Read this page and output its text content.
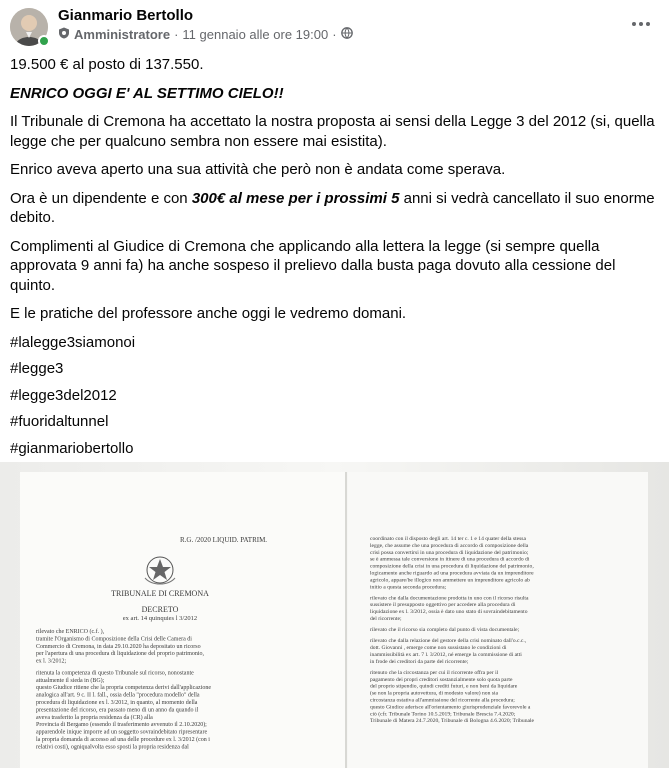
Gianmario Bertollo
Amministratore · 11 gennaio alle ore 19:00 ·

19.500 € al posto di 137.550.

ENRICO OGGI E' AL SETTIMO CIELO!!

Il Tribunale di Cremona ha accettato la nostra proposta ai sensi della Legge 3 del 2012 (si, quella legge che per qualcuno sembra non essere mai esistita).

Enrico aveva aperto una sua attività che però non è andata come sperava.

Ora è un dipendente e con 300€ al mese per i prossimi 5 anni si vedrà cancellato il suo enorme debito.

Complimenti al Giudice di Cremona che applicando alla lettera la legge (si sempre quella approvata 9 anni fa) ha anche sospeso il prelievo dalla busta paga dovuto alla cessione del quinto.

E le pratiche del professore anche oggi le vedremo domani.

#lalegge3siamonoi
#legge3
#legge3del2012
#fuoridaltunnel
#gianmariobertollo
R.G. /2020 LIQUID. PATRIM.
TRIBUNALE DI CREMONA
DECRETO
ex art. 14 quinquies l 3/2012
rilevato che ENRICO (c.f. ),
tramite l'Organismo di Composizione della Crisi delle Camera di
Commercio di Cremona, in data 29.10.2020 ha depositato un ricorso
per l'apertura di una procedura di liquidazione del proprio patrimonio,
ex l. 3/2012;
ritenuta la competenza di questo Tribunale sul ricorso, nonostante
attualmente il sieda in (BG);
questo Giudice ritiene che la propria competenza derivi dall'applicazione
analogica all'art. 9 c. II l. fall., ossia della "procedura modello" della
procedura di liquidazione ex l. 3/2012, in quanto, al momento della
presentazione del ricorso, era passato meno di un anno da quando il
aveva trasferito la propria residenza da (CR) alla
Provincia di Bergamo (essendo il trasferimento avvenuto il 2.10.2020);
apparendole inique imporre ad un soggetto sovraindebitato ripresentare
la propria domanda di accesso ad una delle procedure ex l. 3/2012 (con i
relativi costi), ogniqualvolta esso sposti la propria residenza dal
coordinato con il disposto degli art. 14 ter c. 1 e 14 quater della stessa
legge, che assume che una procedura di accordo di composizione della
crisi possa convertirsi in una procedura di liquidazione del patrimonio;
se è ammessa tale conversione in itinere di una procedura di accordo di
composizione della crisi in una procedura di liquidazione del patrimonio,
logicamente anche riguardo ad una procedura avviata da un imprenditore
agricolo, appare/be illogico non ammettere un imprenditore agricolo ab
initio a questa seconda procedura;
rilevato che dalla documentazione prodotta in uno con il ricorso risulta
sussistere il presupposto oggettivo per accedere alla procedura di
liquidazione ex l. 3/2012, ossia è dato uno stato di sovraindebitamento
del ricorrente;
rilevato che il ricorso sia completo dal punto di vista documentale;
rilevato che dalla relazione del gestore della crisi nominato dall'o.c.c.,
dott. Giovanni , emerge come non sussistano le condizioni di
inammissibilità ex art. 7 l. 3/2012, né emerge la commissione di atti
in frode dei creditori da parte del ricorrente;
ritenuto che la circostanza per cui il ricorrente offra per il
pagamento dei propri creditori sostanzialmente solo quota parte
del proprio stipendio, quindi crediti futuri, e non beni da liquidare
(se non la propria autovettura, di modesto valore) non sia
circostanza ostativa all'ammissione del ricorrente alla procedura;
questo Giudice aderisce all'orientamento giurisprudenziale favorevole a
ciò (cfr. Tribunale Torino 10.5.2019; Tribunale Brescia 7.4.2020;
Tribunale di Matera 24.7.2020, Tribunale di Bologna 4.6.2020; Tribunale
